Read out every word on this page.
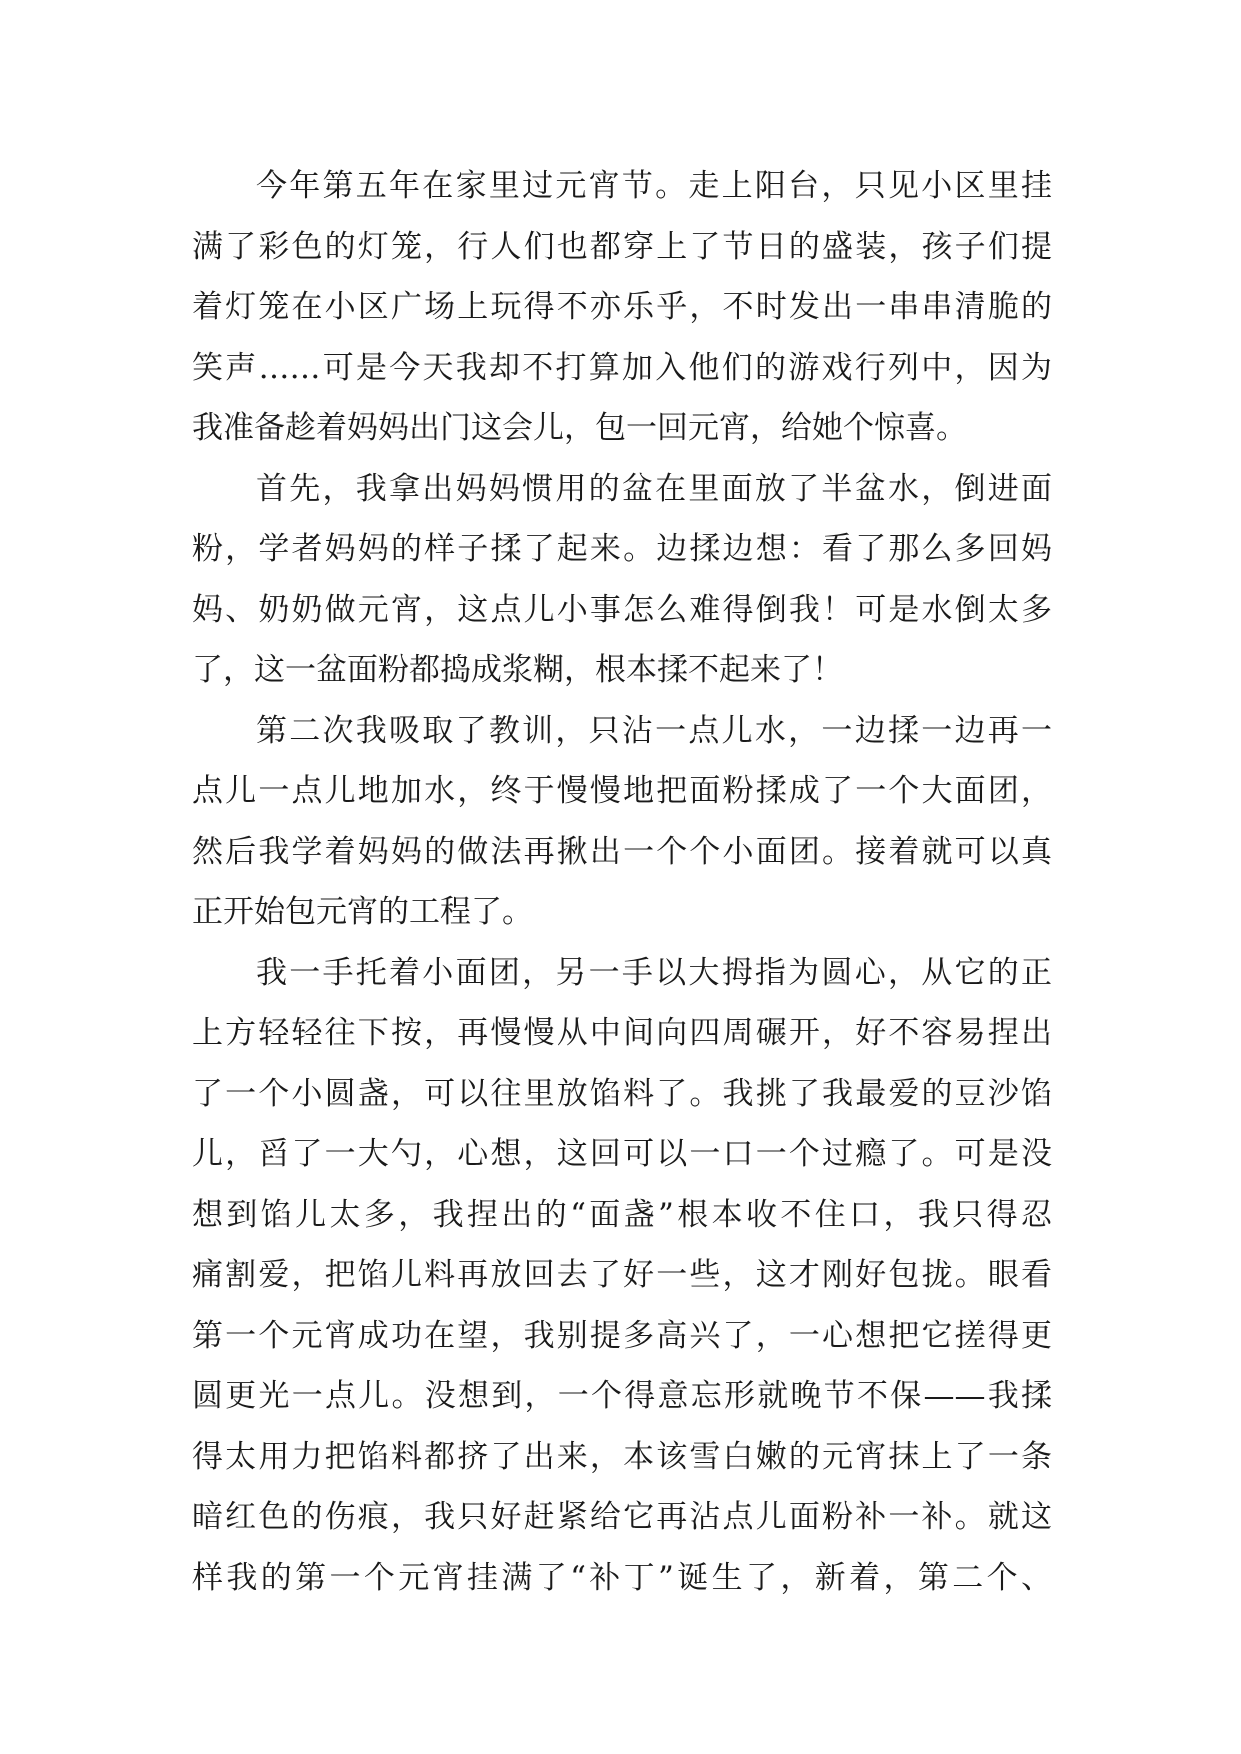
今年第五年在家里过元宵节。走上阳台，只见小区里挂
满了彩色的灯笼，行人们也都穿上了节日的盛装，孩子们提
着灯笼在小区广场上玩得不亦乐乎，不时发出一串串清脆的
笑声……可是今天我却不打算加入他们的游戏行列中，因为
我准备趁着妈妈出门这会儿，包一回元宵，给她个惊喜。
首先，我拿出妈妈惯用的盆在里面放了半盆水，倒进面
粉，学者妈妈的样子揉了起来。边揉边想：看了那么多回妈
妈、奶奶做元宵，这点儿小事怎么难得倒我！可是水倒太多
了，这一盆面粉都捣成浆糊，根本揉不起来了！
第二次我吸取了教训，只沾一点儿水，一边揉一边再一
点儿一点儿地加水，终于慢慢地把面粉揉成了一个大面团，
然后我学着妈妈的做法再揪出一个个小面团。接着就可以真
正开始包元宵的工程了。
我一手托着小面团，另一手以大拇指为圆心，从它的正
上方轻轻往下按，再慢慢从中间向四周碾开，好不容易捏出
了一个小圆盏，可以往里放馅料了。我挑了我最爱的豆沙馅
儿，舀了一大勺，心想，这回可以一口一个过瘾了。可是没
想到馅儿太多，我捏出的“面盏”根本收不住口，我只得忍
痛割爱，把馅儿料再放回去了好一些，这才刚好包拢。眼看
第一个元宵成功在望，我别提多高兴了，一心想把它搓得更
圆更光一点儿。没想到，一个得意忘形就晚节不保——我揉
得太用力把馅料都挤了出来，本该雪白嫩的元宵抹上了一条
暗红色的伤痕，我只好赶紧给它再沾点儿面粉补一补。就这
样我的第一个元宵挂满了“补丁”诞生了，新着，第二个、
